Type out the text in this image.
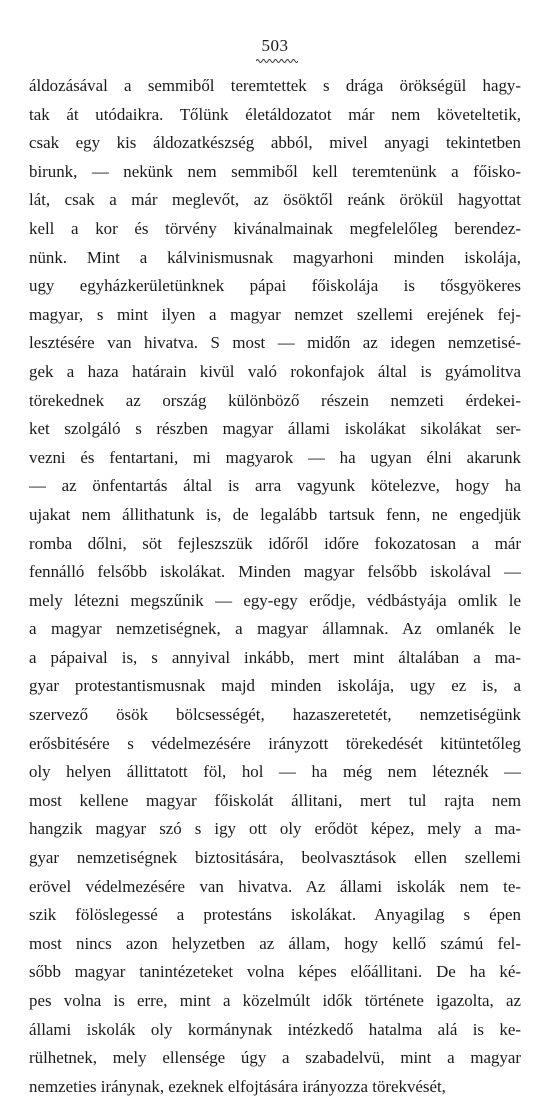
503
áldozásával a semmiből teremtettek s drága örökségül hagy-
tak át utódaikra. Tőlünk életáldozatot már nem követeltetik,
csak egy kis áldozatkészség abból, mivel anyagi tekintetben
birunk, — nekünk nem semmiből kell teremtenünk a főisko-
lát, csak a már meglevőt, az ösöktől reánk örökül hagyottat
kell a kor és törvény kivánalmainak megfelelőleg berendez-
nünk. Mint a kálvinismusnak magyarhoni minden iskolája,
ugy egyházkerületünknek pápai főiskolája is tősgyökeres
magyar, s mint ilyen a magyar nemzet szellemi erejének fej-
lesztésére van hivatva. S most — midőn az idegen nemzetisé-
gek a haza határain kivül való rokonfajok által is gyámolitva
törekednek az ország különböző részein nemzeti érdekei-
ket szolgáló s részben magyar állami iskolákat sikolákat ser-
vezni és fentartani, mi magyarok — ha ugyan élni akarunk
— az önfentartás által is arra vagyunk kötelezve, hogy ha
ujakat nem állithatunk is, de legalább tartsuk fenn, ne engedjük
romba dőlni, söt fejleszszük időről időre fokozatosan a már
fennálló felsőbb iskolákat. Minden magyar felsőbb iskolával —
mely létezni megszűnik — egy-egy erődje, védbástyája omlik le
a magyar nemzetiségnek, a magyar államnak. Az omlanék le
a pápaival is, s annyival inkább, mert mint általában a ma-
gyar protestantismusnak majd minden iskolája, ugy ez is, a
szervező ösök bölcsességét, hazaszeretetét, nemzetiségünk
erősbitésére s védelmezésére irányzott törekedését kitüntetőleg
oly helyen állittatott föl, hol — ha még nem léteznék —
most kellene magyar főiskolát állitani, mert tul rajta nem
hangzik magyar szó s igy ott oly erődöt képez, mely a ma-
gyar nemzetiségnek biztositására, beolvasztások ellen szellemi
erövel védelmezésére van hivatva. Az állami iskolák nem te-
szik fölöslegessé a protestáns iskolákat. Anyagilag s épen
most nincs azon helyzetben az állam, hogy kellő számú fel-
sőbb magyar tanintézeteket volna képes előállitani. De ha ké-
pes volna is erre, mint a közelmúlt idők története igazolta, az
állami iskolák oly kormánynak intézkedő hatalma alá is ke-
rülhetnek, mely ellensége úgy a szabadelvü, mint a magyar
nemzeties iránynak, ezeknek elfojtására irányozza törekvését,
